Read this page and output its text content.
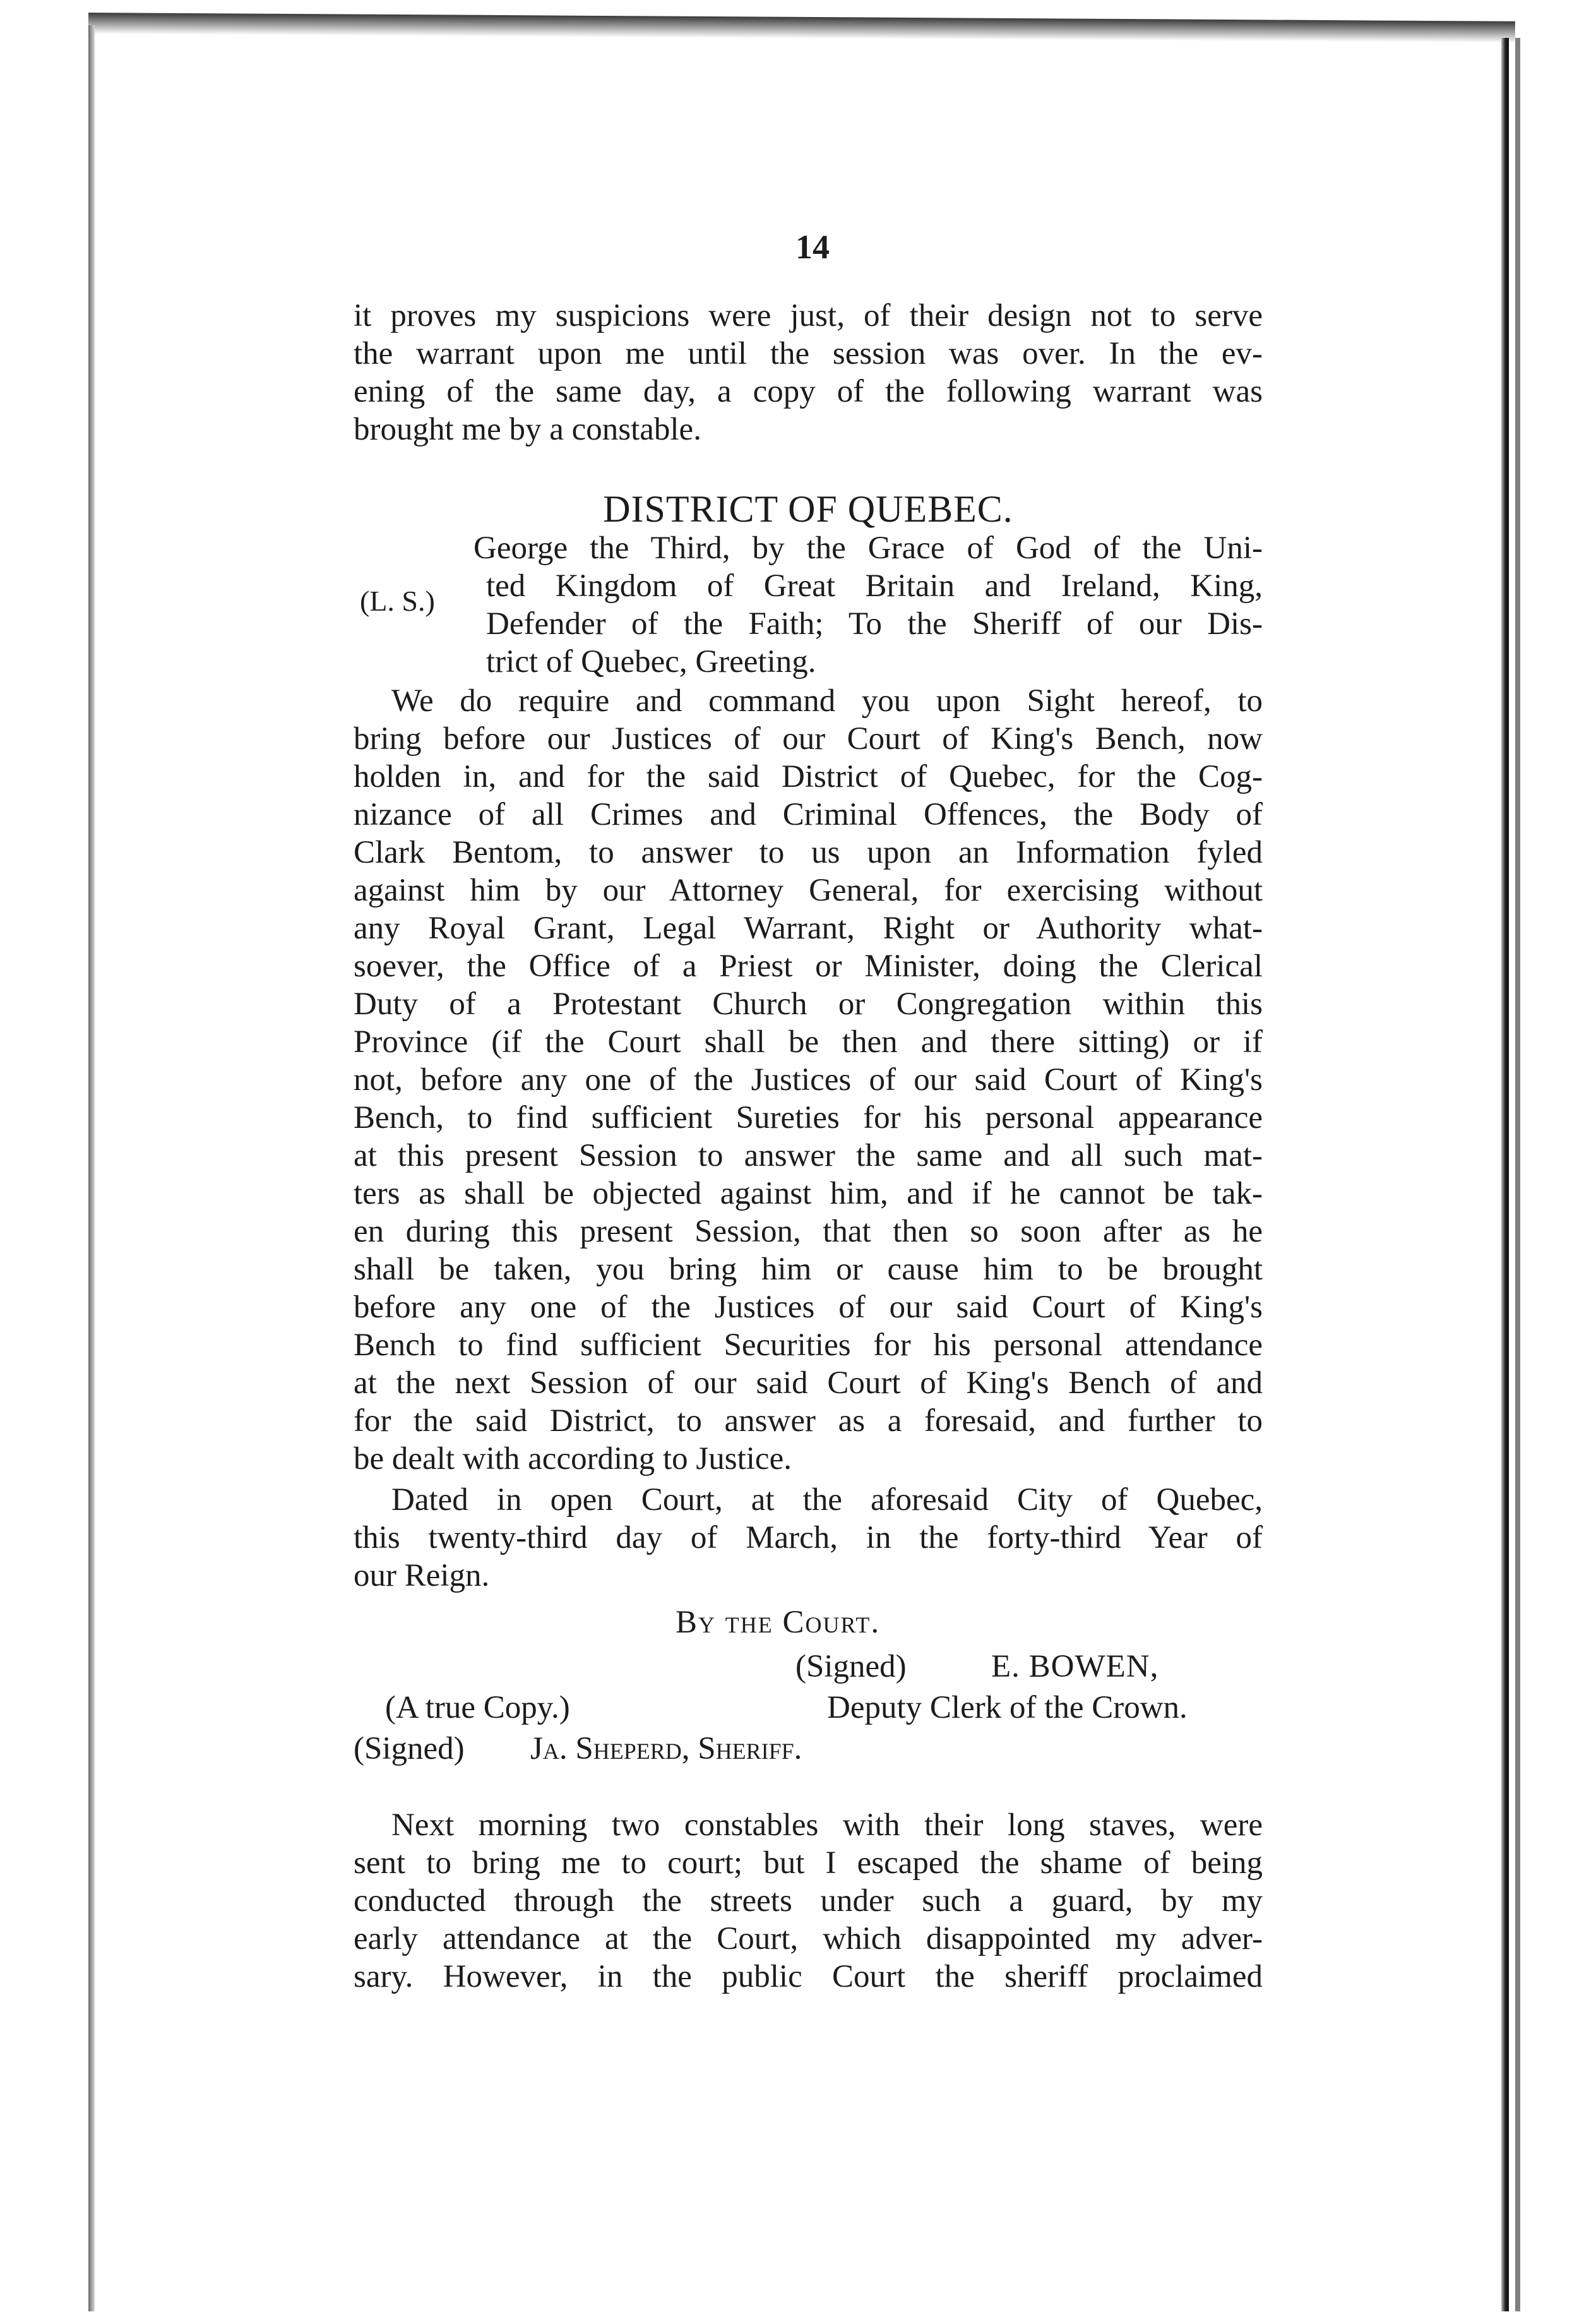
14
it proves my suspicions were just, of their design not to serve
the warrant upon me until the session was over. In the ev-
ening of the same day, a copy of the following warrant was
brought me by a constable.
DISTRICT OF QUEBEC.
(L. S.)
George the Third, by the Grace of God of the Uni-
ted Kingdom of Great Britain and Ireland, King,
Defender of the Faith; To the Sheriff of our Dis-
trict of Quebec, Greeting.
We do require and command you upon Sight hereof, to
bring before our Justices of our Court of King's Bench, now
holden in, and for the said District of Quebec, for the Cog-
nizance of all Crimes and Criminal Offences, the Body of
Clark Bentom, to answer to us upon an Information fyled
against him by our Attorney General, for exercising without
any Royal Grant, Legal Warrant, Right or Authority what-
soever, the Office of a Priest or Minister, doing the Clerical
Duty of a Protestant Church or Congregation within this
Province (if the Court shall be then and there sitting) or if
not, before any one of the Justices of our said Court of King's
Bench, to find sufficient Sureties for his personal appearance
at this present Session to answer the same and all such mat-
ters as shall be objected against him, and if he cannot be tak-
en during this present Session, that then so soon after as he
shall be taken, you bring him or cause him to be brought
before any one of the Justices of our said Court of King's
Bench to find sufficient Securities for his personal attendance
at the next Session of our said Court of King's Bench of and
for the said District, to answer as a foresaid, and further to
be dealt with according to Justice.
Dated in open Court, at the aforesaid City of Quebec,
this twenty-third day of March, in the forty-third Year of
our Reign.
By the Court.
(Signed)	E. BOWEN,
(A true Copy.)	Deputy Clerk of the Crown.
(Signed) Ja. Sheperd, Sheriff.
Next morning two constables with their long staves, were
sent to bring me to court; but I escaped the shame of being
conducted through the streets under such a guard, by my
early attendance at the Court, which disappointed my adver-
sary. However, in the public Court the sheriff proclaimed
